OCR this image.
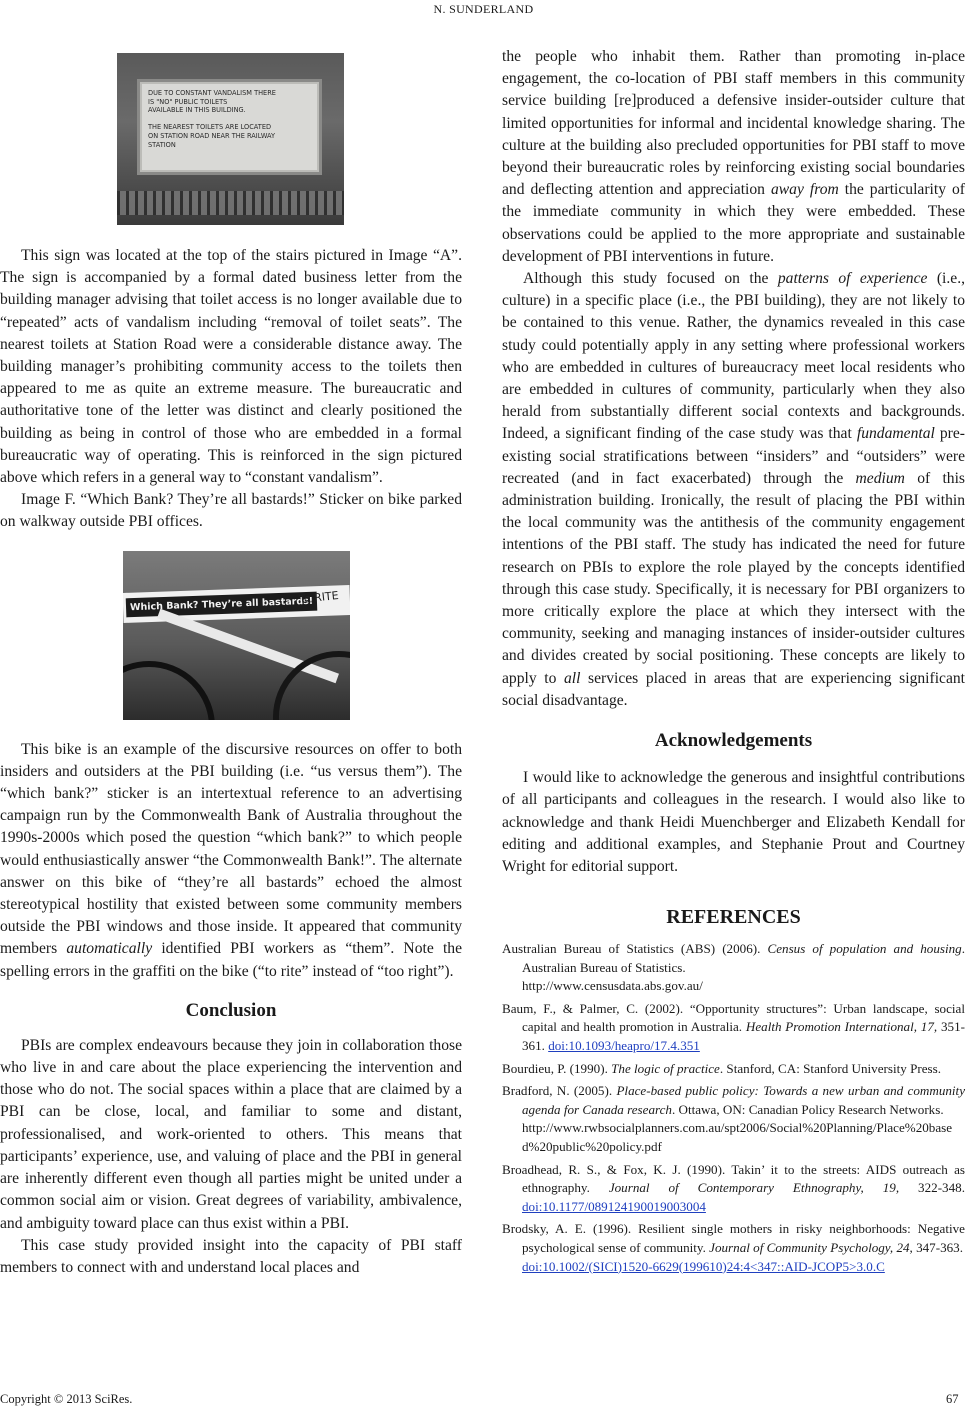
N. SUNDERLAND
DUE TO CONSTANT VANDALISM THERE
IS "NO" PUBLIC TOILETS
AVAILABLE IN THIS BUILDING.

THE NEAREST TOILETS ARE LOCATED
ON STATION ROAD NEAR THE RAILWAY
STATION

This sign was located at the top of the stairs pictured in Image “A”. The sign is accompanied by a formal dated business letter from the building manager advising that toilet access is no longer available due to “repeated” acts of vandalism including “removal of toilet seats”. The nearest toilets at Station Road were a considerable distance away. The building manager’s prohibiting community access to the toilets then appeared to me as quite an extreme measure. The bureaucratic and authoritative tone of the letter was distinct and clearly positioned the building as being in control of those who are embedded in a formal bureaucratic way of operating. This is reinforced in the sign pictured above which refers in a general way to “constant vandalism”.

Image F. “Which Bank? They’re all bastards!” Sticker on bike parked on walkway outside PBI offices.

Which Bank? They’re all bastards!
To RITE

This bike is an example of the discursive resources on offer to both insiders and outsiders at the PBI building (i.e. “us versus them”). The “which bank?” sticker is an intertextual reference to an advertising campaign run by the Commonwealth Bank of Australia throughout the 1990s-2000s which posed the question “which bank?” to which people would enthusiastically answer “the Commonwealth Bank!”. The alternate answer on this bike of “they’re all bastards” echoed the almost stereotypical hostility that existed between some community members outside the PBI windows and those inside. It appeared that community members automatically identified PBI workers as “them”. Note the spelling errors in the graffiti on the bike (“to rite” instead of “too right”).

Conclusion

PBIs are complex endeavours because they join in collaboration those who live in and care about the place experiencing the intervention and those who do not. The social spaces within a place that are claimed by a PBI can be close, local, and familiar to some and distant, professionalised, and work-oriented to others. This means that participants’ experience, use, and valuing of place and the PBI in general are inherently different even though all parties might be united under a common social aim or vision. Great degrees of variability, ambivalence, and ambiguity toward place can thus exist within a PBI.

This case study provided insight into the capacity of PBI staff members to connect with and understand local places and

the people who inhabit them. Rather than promoting in-place engagement, the co-location of PBI staff members in this community service building [re]produced a defensive insider-outsider culture that limited opportunities for informal and incidental knowledge sharing. The culture at the building also precluded opportunities for PBI staff to move beyond their bureaucratic roles by reinforcing existing social boundaries and deflecting attention and appreciation away from the particularity of the immediate community in which they were embedded. These observations could be applied to the more appropriate and sustainable development of PBI interventions in future.

Although this study focused on the patterns of experience (i.e., culture) in a specific place (i.e., the PBI building), they are not likely to be contained to this venue. Rather, the dynamics revealed in this case study could potentially apply in any setting where professional workers who are embedded in cultures of bureaucracy meet local residents who are embedded in cultures of community, particularly when they also herald from substantially different social contexts and backgrounds. Indeed, a significant finding of the case study was that fundamental pre-existing social stratifications between “insiders” and “outsiders” were recreated (and in fact exacerbated) through the medium of this administration building. Ironically, the result of placing the PBI within the local community was the antithesis of the community engagement intentions of the PBI staff. The study has indicated the need for future research on PBIs to explore the role played by the concepts identified through this case study. Specifically, it is necessary for PBI organizers to more critically explore the place at which they intersect with the community, seeking and managing instances of insider-outsider cultures and divides created by social positioning. These concepts are likely to apply to all services placed in areas that are experiencing significant social disadvantage.

Acknowledgements

I would like to acknowledge the generous and insightful contributions of all participants and colleagues in the research. I would also like to acknowledge and thank Heidi Muenchberger and Elizabeth Kendall for editing and additional examples, and Stephanie Prout and Courtney Wright for editorial support.

REFERENCES
Australian Bureau of Statistics (ABS) (2006). Census of population and housing. Australian Bureau of Statistics.
http://www.censusdata.abs.gov.au/
Baum, F., & Palmer, C. (2002). “Opportunity structures”: Urban landscape, social capital and health promotion in Australia. Health Promotion International, 17, 351-361. doi:10.1093/heapro/17.4.351
Bourdieu, P. (1990). The logic of practice. Stanford, CA: Stanford University Press.
Bradford, N. (2005). Place-based public policy: Towards a new urban and community agenda for Canada research. Ottawa, ON: Canadian Policy Research Networks.
http://www.rwbsocialplanners.com.au/spt2006/Social%20Planning/Place%20based%20public%20policy.pdf
Broadhead, R. S., & Fox, K. J. (1990). Takin’ it to the streets: AIDS outreach as ethnography. Journal of Contemporary Ethnography, 19, 322-348. doi:10.1177/089124190019003004
Brodsky, A. E. (1996). Resilient single mothers in risky neighborhoods: Negative psychological sense of community. Journal of Community Psychology, 24, 347-363.
doi:10.1002/(SICI)1520-6629(199610)24:4<347::AID-JCOP5>3.0.C
Copyright © 2013 SciRes.	67
